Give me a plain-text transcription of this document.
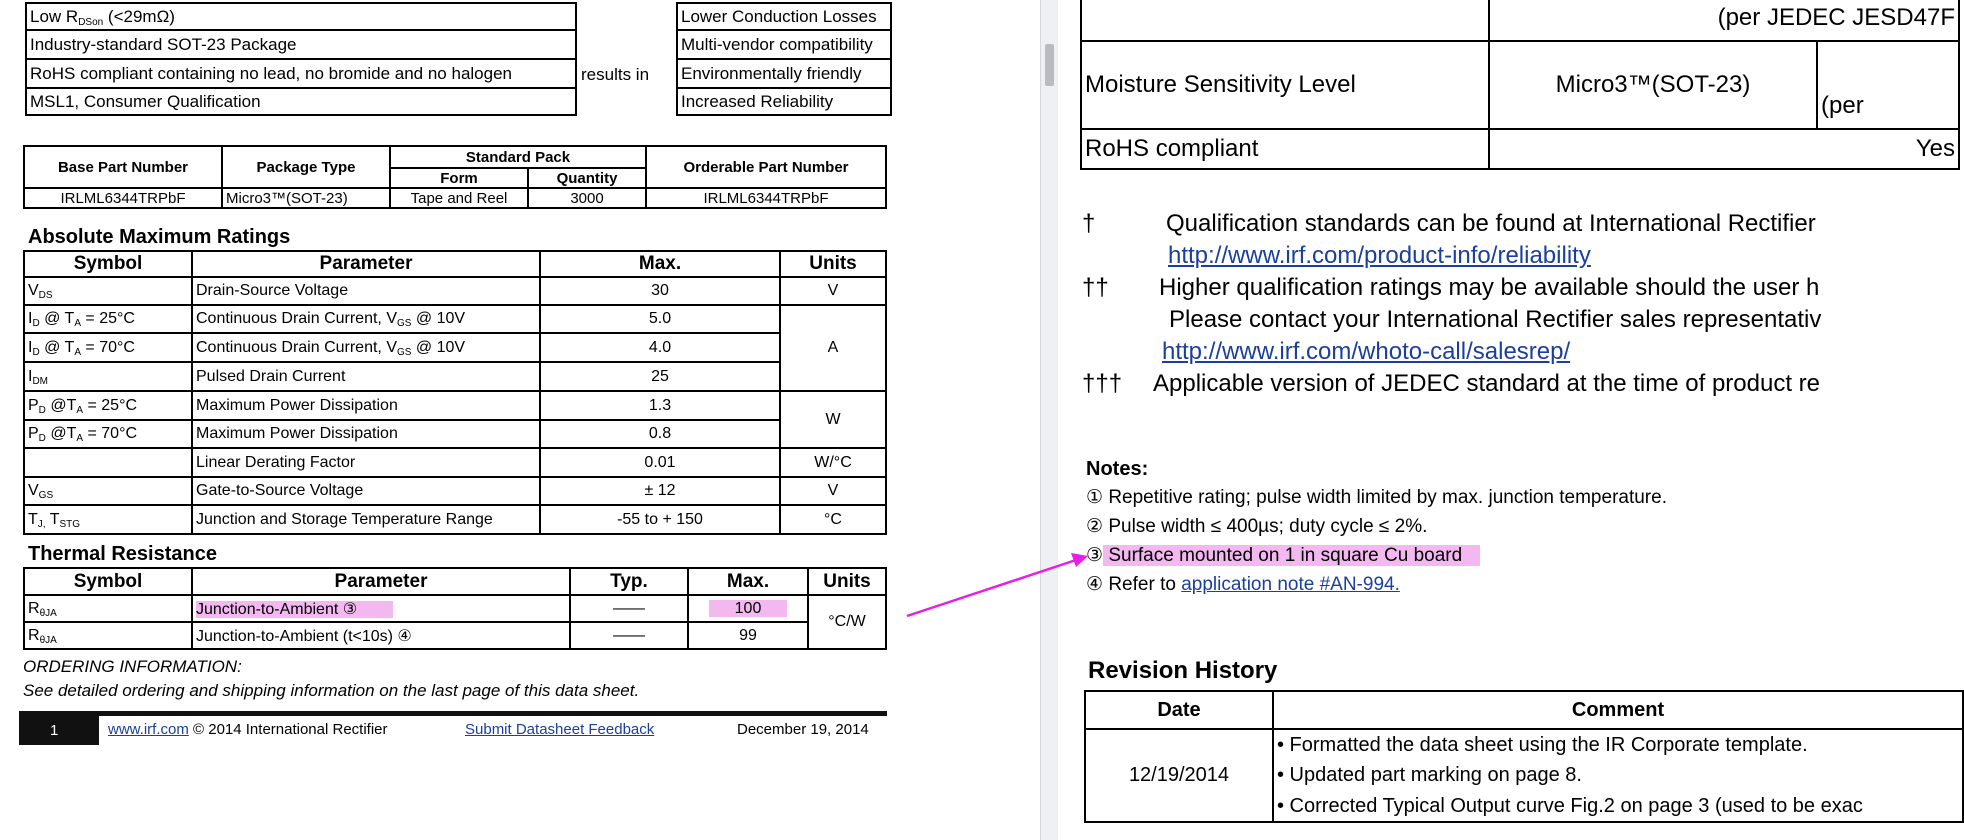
Low $R_{DSon}$ (<29mΩ)
Industry-standard SOT-23 Package
RoHS compliant containing no lead, no bromide and no halogen
MSL1, Consumer Qualification
results in
Lower Conduction Losses
Multi-vendor compatibility
Environmentally friendly
Increased Reliability
Base Part Number	Package Type	Standard Pack		Orderable Part Number
		Form	Quantity	
IRLML6344TRPbF	Micro3™(SOT-23)	Tape and Reel	3000	IRLML6344TRPbF
Absolute Maximum Ratings
Symbol	Parameter	Max.	Units
$V_{DS}$	Drain-Source Voltage	30	V
$I_D$ @ $T_A = 25^\circ C$	Continuous Drain Current, $V_{GS}$ @ 10V	5.0	A
$I_D$ @ $T_A = 70^\circ C$	Continuous Drain Current, $V_{GS}$ @ 10V	4.0	
$I_{DM}$	Pulsed Drain Current	25	
$P_D$ $@T_A = 25^\circ C$	Maximum Power Dissipation	1.3	W
$P_D$ $@T_A = 70^\circ C$	Maximum Power Dissipation	0.8	
	Linear Derating Factor	0.01	W/°C
$V_{GS}$	Gate-to-Source Voltage	± 12	V
$T_{J,}$ $T_{STG}$	Junction and Storage Temperature Range	-55 to + 150	°C
Thermal Resistance
Symbol	Parameter	Typ.	Max.	Units
$R_{\theta JA}$	Junction-to-Ambient ③	——	100	°C/W
$R_{\theta JA}$	Junction-to-Ambient (t<10s) ④	——	99	
ORDERING INFORMATION:
See detailed ordering and shipping information on the last page of this data sheet.
1	www.irf.com © 2014 International Rectifier	Submit Datasheet Feedback	December 19, 2014
	(per JEDEC JESD47F	
Moisture Sensitivity Level	Micro3™(SOT-23)	(per
RoHS compliant	Yes	
†	Qualification standards can be found at International Rectifier
http://www.irf.com/product-info/reliability
†† Higher qualification ratings may be available should the user h
Please contact your International Rectifier sales representativ
http://www.irf.com/whoto-call/salesrep/
††† Applicable version of JEDEC standard at the time of product re
Notes:
① Repetitive rating; pulse width limited by max. junction temperature.
② Pulse width ≤ 400µs; duty cycle ≤ 2%.
③ Surface mounted on 1 in square Cu board
④ Refer to application note #AN-994.
Revision History
Date	Comment
12/19/2014	• Formatted the data sheet using the IR Corporate template.
	• Updated part marking on page 8.
	• Corrected Typical Output curve Fig.2 on page 3 (used to be exac
